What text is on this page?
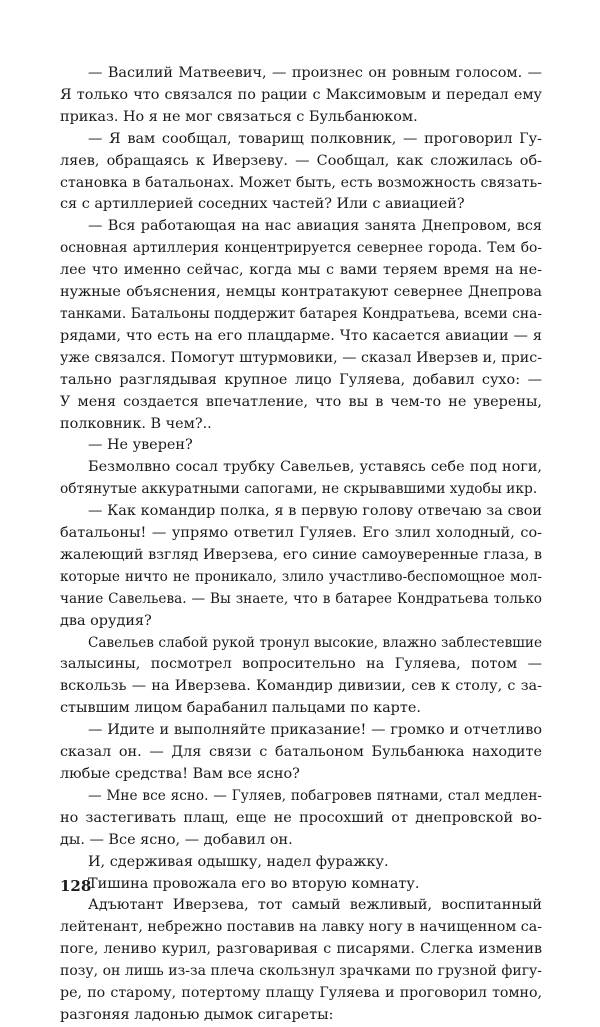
— Василий Матвеевич, — произнес он ровным голосом. —
Я только что связался по рации с Максимовым и передал ему
приказ. Но я не мог связаться с Бульбанюком.
— Я вам сообщал, товарищ полковник, — проговорил Гу-
ляев, обращаясь к Иверзеву. — Сообщал, как сложилась об-
становка в батальонах. Может быть, есть возможность связать-
ся с артиллерией соседних частей? Или с авиацией?
— Вся работающая на нас авиация занята Днепровом, вся
основная артиллерия концентрируется севернее города. Тем бо-
лее что именно сейчас, когда мы с вами теряем время на не-
нужные объяснения, немцы контратакуют севернее Днепрова
танками. Батальоны поддержит батарея Кондратьева, всеми сна-
рядами, что есть на его плацдарме. Что касается авиации — я
уже связался. Помогут штурмовики, — сказал Иверзев и, прис-
тально разглядывая крупное лицо Гуляева, добавил сухо: —
У меня создается впечатление, что вы в чем-то не уверены,
полковник. В чем?..
— Не уверен?
Безмолвно сосал трубку Савельев, уставясь себе под ноги,
обтянутые аккуратными сапогами, не скрывавшими худобы икр.
— Как командир полка, я в первую голову отвечаю за свои
батальоны! — упрямо ответил Гуляев. Его злил холодный, со-
жалеющий взгляд Иверзева, его синие самоуверенные глаза, в
которые ничто не проникало, злило участливо-беспомощное мол-
чание Савельева. — Вы знаете, что в батарее Кондратьева только
два орудия?
Савельев слабой рукой тронул высокие, влажно заблестевшие
залысины, посмотрел вопросительно на Гуляева, потом —
вскользь — на Иверзева. Командир дивизии, сев к столу, с за-
стывшим лицом барабанил пальцами по карте.
— Идите и выполняйте приказание! — громко и отчетливо
сказал он. — Для связи с батальоном Бульбанюка находите
любые средства! Вам все ясно?
— Мне все ясно. — Гуляев, побагровев пятнами, стал медлен-
но застегивать плащ, еще не просохший от днепровской во-
ды. — Все ясно, — добавил он.
И, сдерживая одышку, надел фуражку.
Тишина провожала его во вторую комнату.
Адъютант Иверзева, тот самый вежливый, воспитанный
лейтенант, небрежно поставив на лавку ногу в начищенном са-
поге, лениво курил, разговаривая с писарями. Слегка изменив
позу, он лишь из-за плеча скользнул зрачками по грузной фигу-
ре, по старому, потертому плащу Гуляева и проговорил томно,
разгоняя ладонью дымок сигареты:
128
